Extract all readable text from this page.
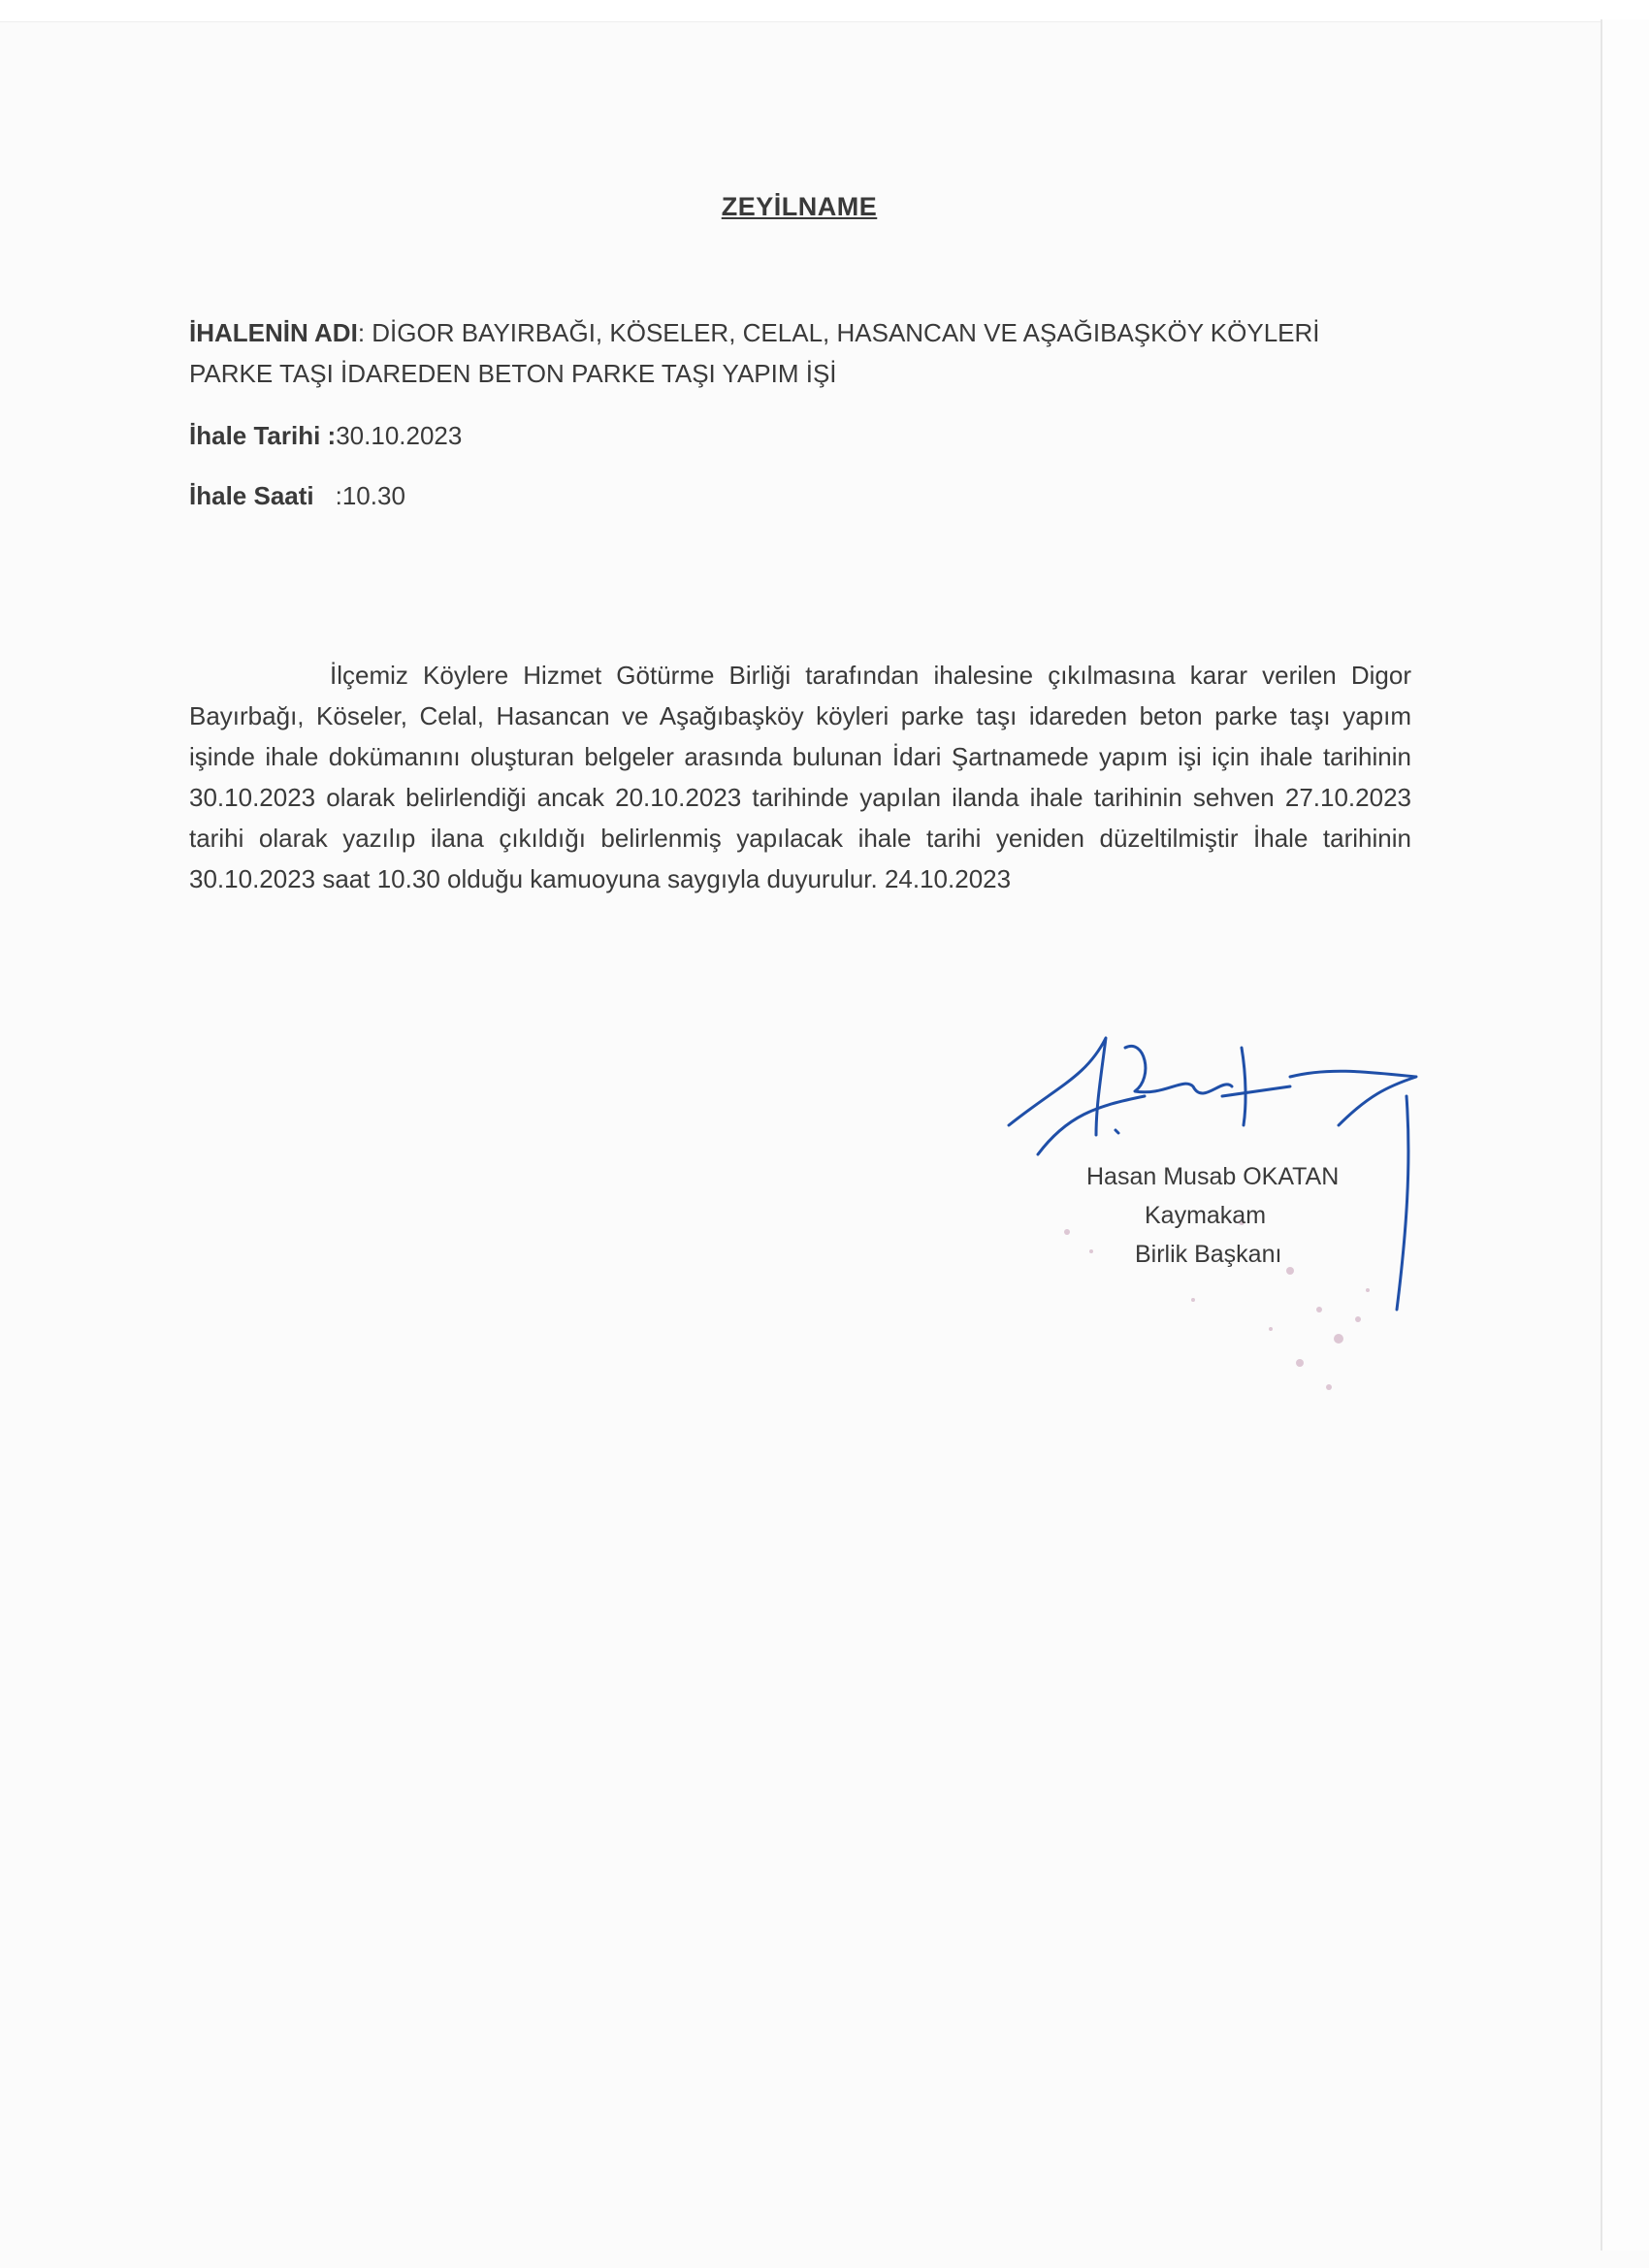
ZEYİLNAME
İHALENİN ADI: DİGOR BAYIRBAĞI, KÖSELER, CELAL, HASANCAN VE AŞAĞIBAŞKÖY KÖYLERİ PARKE TAŞI İDAREDEN BETON PARKE TAŞI YAPIM İŞİ
İhale Tarihi :30.10.2023
İhale Saati :10.30
İlçemiz Köylere Hizmet Götürme Birliği tarafından ihalesine çıkılmasına karar verilen Digor Bayırbağı, Köseler, Celal, Hasancan ve Aşağıbaşköy köyleri parke taşı idareden beton parke taşı yapım işinde ihale dokümanını oluşturan belgeler arasında bulunan İdari Şartnamede yapım işi için ihale tarihinin 30.10.2023 olarak belirlendiği ancak 20.10.2023 tarihinde yapılan ilanda ihale tarihinin sehven 27.10.2023 tarihi olarak yazılıp ilana çıkıldığı belirlenmiş yapılacak ihale tarihi yeniden düzeltilmiştir İhale tarihinin 30.10.2023 saat 10.30 olduğu kamuoyuna saygıyla duyurulur. 24.10.2023
Hasan Musab OKATAN
Kaymakam
Birlik Başkanı
